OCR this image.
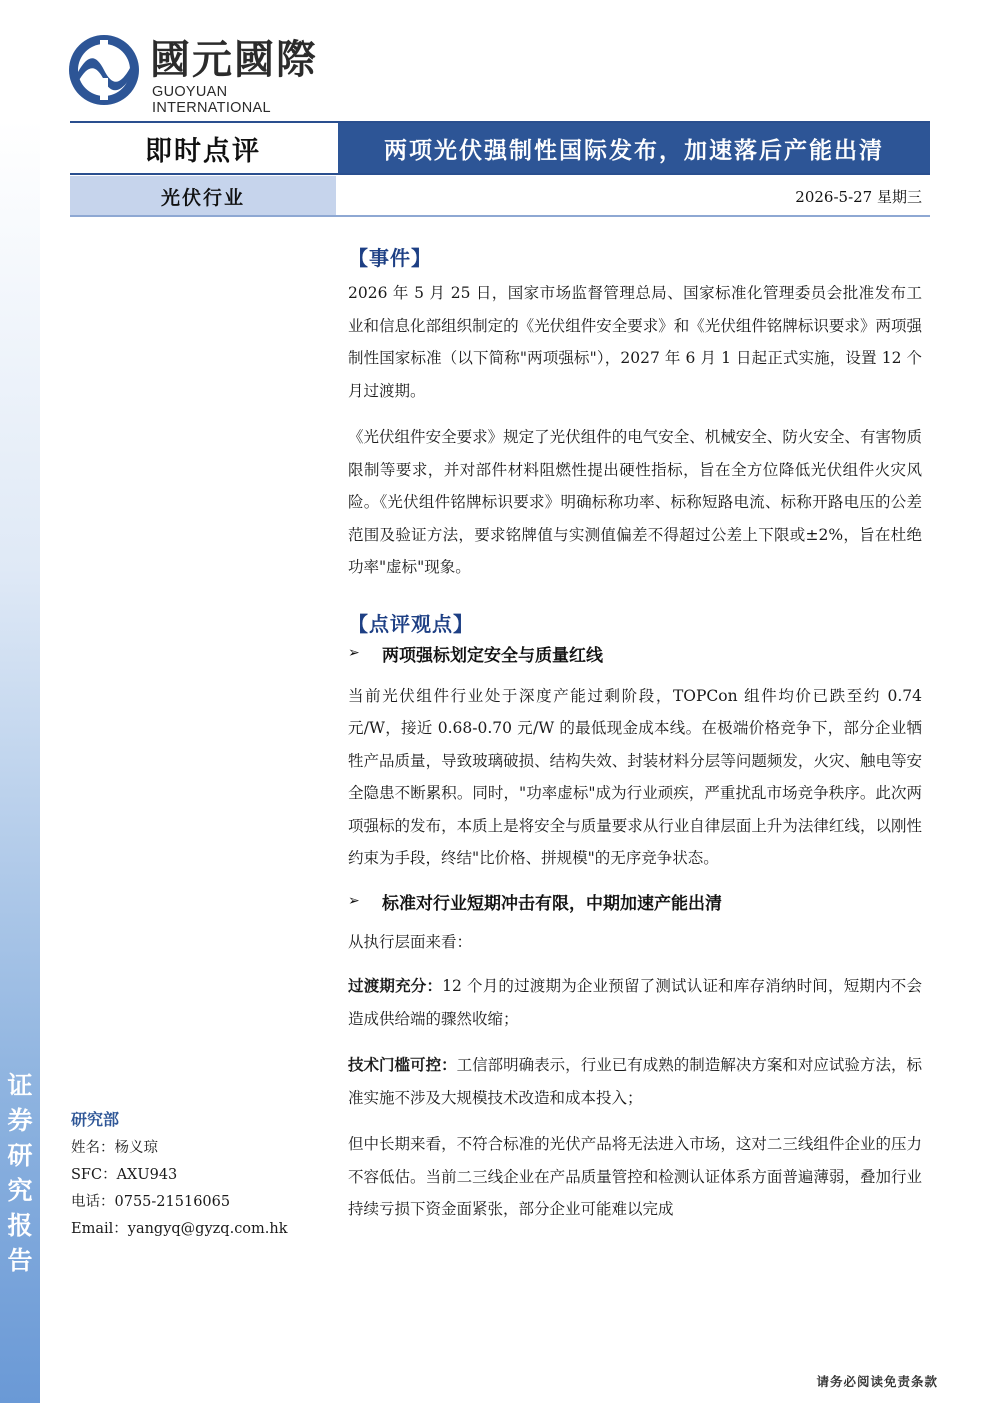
证
券
研
究
报
告
國元國際
GUOYUAN INTERNATIONAL
即时点评	两项光伏强制性国际发布，加速落后产能出清
光伏行业	2026-5-27 星期三
【事件】

2026 年 5 月 25 日，国家市场监督管理总局、国家标准化管理委员会批准发布工业和信息化部组织制定的《光伏组件安全要求》和《光伏组件铭牌标识要求》两项强制性国家标准（以下简称"两项强标"），2027 年 6 月 1 日起正式实施，设置 12 个月过渡期。

《光伏组件安全要求》规定了光伏组件的电气安全、机械安全、防火安全、有害物质限制等要求，并对部件材料阻燃性提出硬性指标，旨在全方位降低光伏组件火灾风险。《光伏组件铭牌标识要求》明确标称功率、标称短路电流、标称开路电压的公差范围及验证方法，要求铭牌值与实测值偏差不得超过公差上下限或±2%，旨在杜绝功率"虚标"现象。

【点评观点】
➢	两项强标划定安全与质量红线

当前光伏组件行业处于深度产能过剩阶段，TOPCon 组件均价已跌至约 0.74 元/W，接近 0.68-0.70 元/W 的最低现金成本线。在极端价格竞争下，部分企业牺牲产品质量，导致玻璃破损、结构失效、封装材料分层等问题频发，火灾、触电等安全隐患不断累积。同时，"功率虚标"成为行业顽疾，严重扰乱市场竞争秩序。此次两项强标的发布，本质上是将安全与质量要求从行业自律层面上升为法律红线，以刚性约束为手段，终结"比价格、拼规模"的无序竞争状态。

➢	标准对行业短期冲击有限，中期加速产能出清

从执行层面来看：

过渡期充分：12 个月的过渡期为企业预留了测试认证和库存消纳时间，短期内不会造成供给端的骤然收缩；

技术门槛可控：工信部明确表示，行业已有成熟的制造解决方案和对应试验方法，标准实施不涉及大规模技术改造和成本投入；

但中长期来看，不符合标准的光伏产品将无法进入市场，这对二三线组件企业的压力不容低估。当前二三线企业在产品质量管控和检测认证体系方面普遍薄弱，叠加行业持续亏损下资金面紧张，部分企业可能难以完成

研究部
姓名：杨义琼
SFC：AXU943
电话：0755-21516065
Email：yangyq@gyzq.com.hk
请务必阅读免责条款
